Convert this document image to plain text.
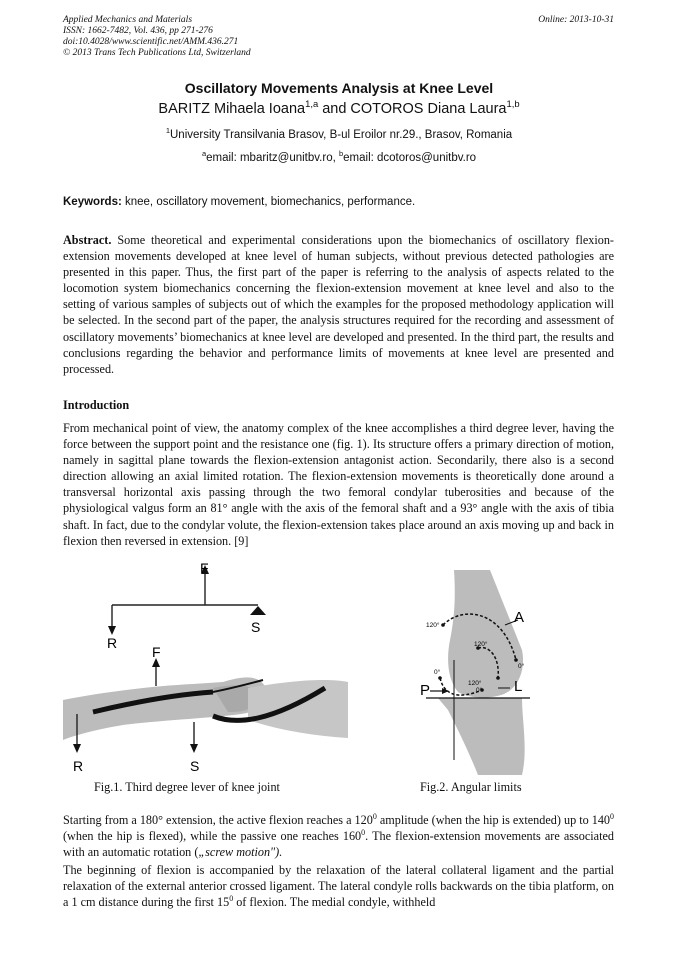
Applied Mechanics and Materials
ISSN: 1662-7482, Vol. 436, pp 271-276
doi:10.4028/www.scientific.net/AMM.436.271
© 2013 Trans Tech Publications Ltd, Switzerland
Online: 2013-10-31
Oscillatory Movements Analysis at Knee Level
BARITZ Mihaela Ioana$^{1,a}$ and COTOROS Diana Laura$^{1,b}$
$^1$University Transilvania Brasov, B-ul Eroilor nr.29., Brasov, Romania
$^a$email: mbaritz@unitbv.ro, $^b$email: dcotoros@unitbv.ro
Keywords: knee, oscillatory movement, biomechanics, performance.
Abstract. Some theoretical and experimental considerations upon the biomechanics of oscillatory flexion-extension movements developed at knee level of human subjects, without previous detected pathologies are presented in this paper. Thus, the first part of the paper is referring to the analysis of aspects related to the locomotion system biomechanics concerning the flexion-extension movement at knee level and also to the setting of various samples of subjects out of which the examples for the proposed methodology application will be selected. In the second part of the paper, the analysis structures required for the recording and assessment of oscillatory movements’ biomechanics at knee level are developed and presented. In the third part, the results and conclusions regarding the behavior and performance limits of movements at knee level are presented and processed.
Introduction
From mechanical point of view, the anatomy complex of the knee accomplishes a third degree lever, having the force between the support point and the resistance one (fig. 1). Its structure offers a primary direction of motion, namely in sagittal plane towards the flexion-extension antagonist action. Secondarily, there also is a second direction allowing an axial limited rotation. The flexion-extension movements is theoretically done around a transversal horizontal axis passing through the two femoral condylar tuberosities and because of the physiological valgus form an 81° angle with the axis of the femoral shaft and a 93° angle with the axis of tibia shaft. In fact, due to the condylar volute, the flexion-extension takes place around an axis moving up and back in flexion then reversed in extension. [9]
F
R
S
F
R	S
Fig.1. Third degree lever of knee joint
A
P	L
120°
120°
0°
0°
120°
0°
Fig.2. Angular limits
Starting from a 180° extension, the active flexion reaches a $120^0$ amplitude (when the hip is extended) up to $140^0$ (when the hip is flexed), while the passive one reaches $160^0$. The flexion-extension movements are associated with an automatic rotation („screw motion").
The beginning of flexion is accompanied by the relaxation of the lateral collateral ligament and the partial relaxation of the external anterior crossed ligament. The lateral condyle rolls backwards on the tibia platform, on a 1 cm distance during the first $15^0$ of flexion. The medial condyle, withheld
